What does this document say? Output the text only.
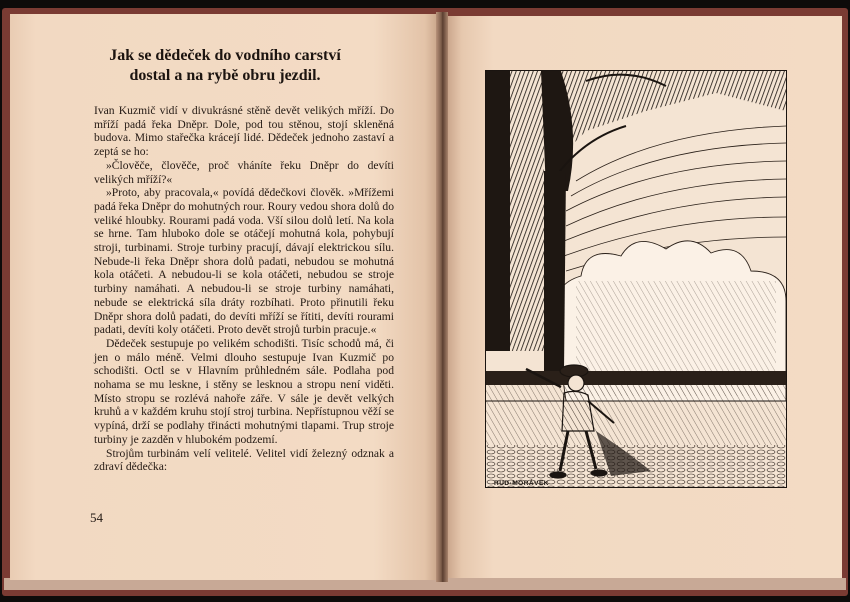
Jak se dědeček do vodního carství
dostal a na rybě obru jezdil.

Ivan Kuzmič vidí v divukrásné stěně devět velikých mříží. Do mříží padá řeka Dněpr. Dole, pod tou stěnou, stojí skleněná budova. Mimo stařečka krácejí lidé. Dědeček jednoho zastaví a zeptá se ho:

»Člověče, člověče, proč vháníte řeku Dněpr do devíti velikých mříží?«

»Proto, aby pracovala,« povídá dědečkovi člověk. »Mřížemi padá řeka Dněpr do mohutných rour. Roury vedou shora dolů do veliké hloubky. Rourami padá voda. Vší silou dolů letí. Na kola se hrne. Tam hluboko dole se otáčejí mohutná kola, pohybují stroji, turbinami. Stroje turbiny pracují, dávají elektrickou sílu. Nebude-li řeka Dněpr shora dolů padati, nebudou se mohutná kola otáčeti. A nebudou-li se kola otáčeti, nebudou se stroje turbiny namáhati. A nebudou-li se stroje turbiny namáhati, nebude se elektrická síla dráty rozbíhati. Proto přinutili řeku Dněpr shora dolů padati, do devíti mříží se řítiti, devíti rourami padati, devíti koly otáčeti. Proto devět strojů turbin pracuje.«

Dědeček sestupuje po velikém schodišti. Tisíc schodů má, či jen o málo méně. Velmi dlouho sestupuje Ivan Kuzmič po schodišti. Octl se v Hlavním průhledném sále. Podlaha pod nohama se mu leskne, i stěny se lesknou a stropu není viděti. Místo stropu se rozlévá nahoře záře. V sále je devět velkých kruhů a v každém kruhu stojí stroj turbina. Nepřístupnou věží se vypíná, drží se podlahy třinácti mohutnými tlapami. Trup stroje turbiny je zazděn v hlubokém podzemí.

Strojům turbinám velí velitelé. Velitel vidí železný odznak a zdraví dědečka:

54
RUD·MORÁVEK
